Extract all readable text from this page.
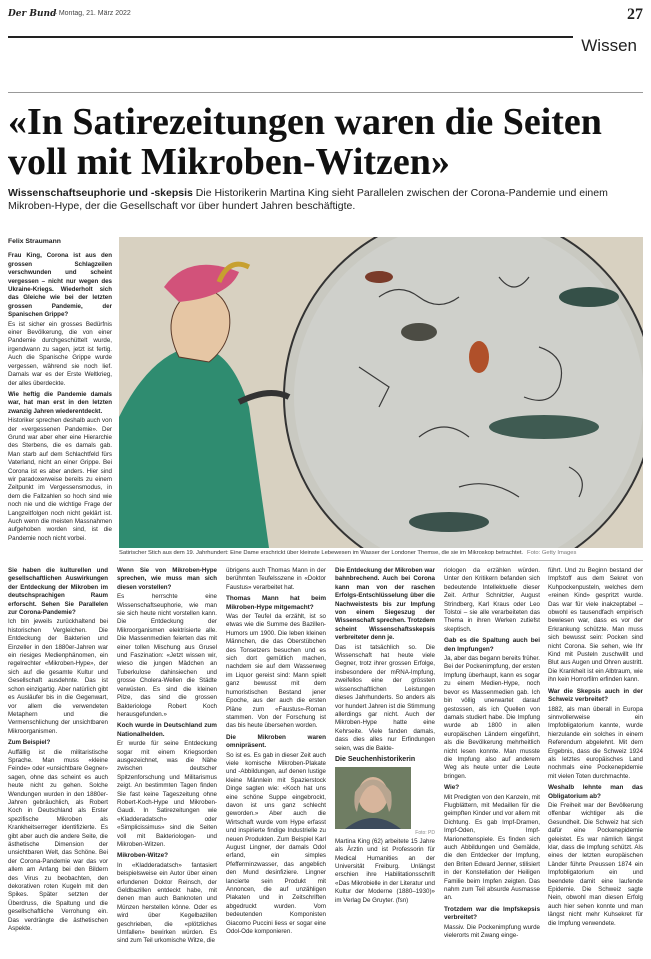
Der Bund
– Montag, 21. März 2022	27
Wissen
«In Satirezeitungen waren die Seiten voll mit Mikroben-Witzen»
Wissenschaftseuphorie und -skepsis Die Historikerin Martina King sieht Parallelen zwischen der Corona-Pandemie und einem Mikroben-Hype, der die Gesellschaft vor über hundert Jahren beschäftigte.
Felix Straumann

Frau King, Corona ist aus den grossen Schlagzeilen verschwunden und scheint vergessen – nicht nur wegen des Ukraine-Kriegs. Wiederholt sich das Gleiche wie bei der letzten grossen Pandemie, der Spanischen Grippe?
Es ist sicher ein grosses Bedürfnis einer Bevölkerung, die von einer Pandemie durchgeschüttelt wurde, irgendwann zu sagen, jetzt ist fertig. Auch die Spanische Grippe wurde vergessen, während sie noch lief. Damals war es der Erste Weltkrieg, der alles überdeckte.

Wie heftig die Pandemie damals war, hat man erst in den letzten zwanzig Jahren wiederentdeckt.
Historiker sprechen deshalb auch von der «vergessenen Pandemie». Der Grund war aber eher eine Hierarchie des Sterbens, die es damals gab. Man starb auf dem Schlachtfeld fürs Vaterland, nicht an einer Grippe. Bei Corona ist es aber anders. Hier sind wir paradoxerweise bereits zu einem Zeitpunkt im Vergessensmodus, in dem die Fallzahlen so hoch sind wie noch nie und die wichtige Frage der Langzeitfolgen noch nicht geklärt ist. Auch wenn die meisten Massnahmen aufgehoben worden sind, ist die Pandemie noch nicht vorbei.

Satirischer Stich aus dem 19. Jahrhundert: Eine Dame erschrickt über kleinste Lebewesen im Wasser der Londoner Themse, die sie im Mikroskop betrachtet. Foto: Getty Images

Sie haben die kulturellen und gesellschaftlichen Auswirkungen der Entdeckung der Mikroben im deutschsprachigen Raum erforscht. Sehen Sie Parallelen zur Corona-Pandemie?
Ich bin jeweils zurückhaltend bei historischen Vergleichen. Die Entdeckung der Bakterien und Einzeller in den 1880er-Jahren war ein riesiges Medienphänomen, ein regelrechter «Mikroben-Hype», der sich auf die gesamte Kultur und Gesellschaft ausdehnte. Das ist schon einzigartig. Aber natürlich gibt es Ausläufer bis in die Gegenwart, vor allem die verwendeten Metaphern und die Vermenschlichung der unsichtbaren Mikroorganismen.

Zum Beispiel?
Auffällig ist die militaristische Sprache. Man muss «kleine Feinde» oder «unsichtbare Gegner» sagen, ohne das scheint es auch heute nicht zu gehen. Solche Wendungen wurden in den 1880er-Jahren gebräuchlich, als Robert Koch in Deutschland als Erster spezifische Mikroben als Krankheitserreger identifizierte. Es gibt aber auch die andere Seite, die ästhetische Dimension der unsichtbaren Welt, das Schöne. Bei der Corona-Pandemie war das vor allem am Anfang bei den Bildern des Virus zu beobachten, den dekorativen roten Kugeln mit den Spikes. Später setzten der Überdruss, die Spaltung und die gesellschaftliche Verrohung ein. Das verdrängte die ästhetischen Aspekte.

Wenn Sie von Mikroben-Hype sprechen, wie muss man sich diesen vorstellen?
Es herrschte eine Wissenschaftseuphorie, wie man sie sich heute nicht vorstellen kann. Die Entdeckung der Mikroorganismen elektrisierte alle. Die Massenmedien feierten das mit einer tollen Mischung aus Grusel und Faszination: «Jetzt wissen wir, wieso die jungen Mädchen an Tuberkulose dahinsiechen und grosse Cholera-Wellen die Städte verwüsten. Es sind die kleinen Pilze, das sind die grossen Bakteriologe Robert Koch herausgefunden.»

Koch wurde in Deutschland zum Nationalhelden.

Er wurde für seine Entdeckung sogar mit einem Kriegsorden ausgezeichnet, was die Nähe zwischen deutscher Spitzenforschung und Militarismus zeigt. An bestimmten Tagen finden Sie fast keine Tageszeitung ohne Robert-Koch-Hype und Mikroben-Gaudi. In Satirezeitungen wie «Kladderadatsch» oder «Simplicissimus» sind die Seiten voll mit Bakteriologen- und Mikroben-Witzen.

Mikroben-Witze?

In «Kladderadatsch» fantasiert beispielsweise ein Autor über einen erfundenen Doktor Reinsch, der Geldbazillen entdeckt habe, mit denen man auch Banknoten und Münzen herstellen könne. Oder es wird über Kegelbazillen geschrieben, die «plötzliches Umfallen» bewirken würden. Es sind zum Teil urkomische Witze, die

übrigens auch Thomas Mann in der berühmten Teufelsszene in «Doktor Faustus» verarbeitet hat.

Thomas Mann hat beim Mikroben-Hype mitgemacht?

Was der Teufel da erzählt, ist so etwas wie die Summe des Bazillen-Humors um 1900. Die leben kleinen Männchen, die das Oberstübchen des Tonsetzers besuchen und es sich dort gemütlich machen, nachdem sie auf dem Wasserweg im Liquor gereist sind: Mann spielt ganz bewusst mit dem humoristischen Bestand jener Epoche, aus der auch die ersten Pläne zum «Faustus»-Roman stammen. Von der Forschung ist das bis heute übersehen worden.

Die Mikroben waren omnipräsent.

So ist es. Es gab in dieser Zeit auch viele komische Mikroben-Plakate und -Abbildungen, auf denen lustige kleine Männlein mit Spazierstock Dinge sagten wie: «Koch hat uns eine schöne Suppe eingebrockt, davon ist uns ganz schlecht geworden.» Aber auch die Wirtschaft wurde vom Hype erfasst und inspirierte findige Industrielle zu neuen Produkten. Zum Beispiel Karl August Lingner, der damals Odol erfand, ein simples Pfefferminzwasser, das angeblich den Mund desinfiziere. Lingner lancierte sein Produkt mit Annoncen, die auf unzähligen Plakaten und in Zeitschriften abgedruckt wurden. Vom bedeutenden Komponisten Giacomo Puccini liess er sogar eine Odol-Ode komponieren.

Die Entdeckung der Mikroben war bahnbrechend. Auch bei Corona kann man von der raschen Erfolgs-Entschlüsselung über die Nachweistests bis zur Impfung von einem Siegeszug der Wissenschaft sprechen. Trotzdem scheint Wissenschaftsskepsis verbreiteter denn je.
Das ist tatsächlich so. Die Wissenschaft hat heute viele Gegner, trotz ihrer grossen Erfolge, insbesondere der mRNA-Impfung, zweifellos eine der grössten wissenschaftlichen Leistungen dieses Jahrhunderts. So anders als vor hundert Jahren ist die Stimmung allerdings gar nicht. Auch der Mikroben-Hype hatte eine Kehrseite. Viele fanden damals, dass dies alles nur Erfindungen seien, was die Bakte-

Die Seuchenhistorikerin
Foto: PD

Martina King (62) arbeitete 15 Jahre als Ärztin und ist Professorin für Medical Humanities an der Universität Freiburg. Unlängst erschien ihre Habilitationsschrift «Das Mikrobielle in der Literatur und Kultur der Moderne (1880–1930)» im Verlag De Gruyter. (fsn)

riologen da erzählen würden. Unter den Kritikern befanden sich bedeutende Intellektuelle dieser Zeit. Arthur Schnitzler, August Strindberg, Karl Kraus oder Leo Tolstoi – sie alle verarbeiteten das Thema in ihren Werken zutiefst skeptisch.

Gab es die Spaltung auch bei den Impfungen?

Ja, aber das begann bereits früher. Bei der Pockenimpfung, der ersten Impfung überhaupt, kann es sogar zu einem Medien-Hype, noch bevor es Massenmedien gab. Ich bin völlig unerwartet darauf gestossen, als ich Quellen von damals studiert habe. Die Impfung wurde ab 1800 in allen europäischen Ländern eingeführt, als die Bevölkerung mehrheitlich nicht lesen konnte. Man musste die Impfung also auf anderem Weg als heute unter die Leute bringen.

Wie?

Mit Predigten von den Kanzeln, mit Flugblättern, mit Medaillen für die geimpften Kinder und vor allem mit Dichtung. Es gab Impf-Dramen, Impf-Oden, Impf-Marionettenspiele. Es finden sich auch Abbildungen und Gemälde, die den Entdecker der Impfung, den Briten Edward Jenner, stilisiert in der Konstellation der Heiligen Familie beim Impfen zeigten. Das nahm zum Teil absurde Ausmasse an.

Trotzdem war die Impfskepsis verbreitet?

Massiv. Die Pockenimpfung wurde vielerorts mit Zwang einge-

führt. Und zu Beginn bestand der Impfstoff aus dem Sekret von Kuhpockenpusteln, welches dem «reinen Kind» gespritzt wurde. Das war für viele inakzeptabel – obwohl es tausendfach empirisch bewiesen war, dass es vor der Erkrankung schützte. Man muss sich bewusst sein: Pocken sind nicht Corona. Sie sehen, wie Ihr Kind mit Pusteln zuschwillt und Blut aus Augen und Ohren austritt. Die Krankheit ist ein Albtraum, wie ihn kein Horrorfilm erfinden kann.

War die Skepsis auch in der Schweiz verbreitet?

1882, als man überall in Europa sinnvollerweise ein Impfobligatorium kannte, wurde hierzulande ein solches in einem Referendum abgelehnt. Mit dem Ergebnis, dass die Schweiz 1924 als letztes europäisches Land nochmals eine Pockenepidemie mit vielen Toten durchmachte.

Weshalb lehnte man das Obligatorium ab?

Die Freiheit war der Bevölkerung offenbar wichtiger als die Gesundheit. Die Schweiz hat sich dafür eine Pockenepidemie geleistet. Es war nämlich längst klar, dass die Impfung schützt. Als eines der letzten europäischen Länder führte Preussen 1874 ein Impfobligatorium ein und beendete damit eine laufende Epidemie. Die Schweiz sagte Nein, obwohl man diesen Erfolg auch hier sehen konnte und man längst nicht mehr Kuhsekret für die Impfung verwendete.
